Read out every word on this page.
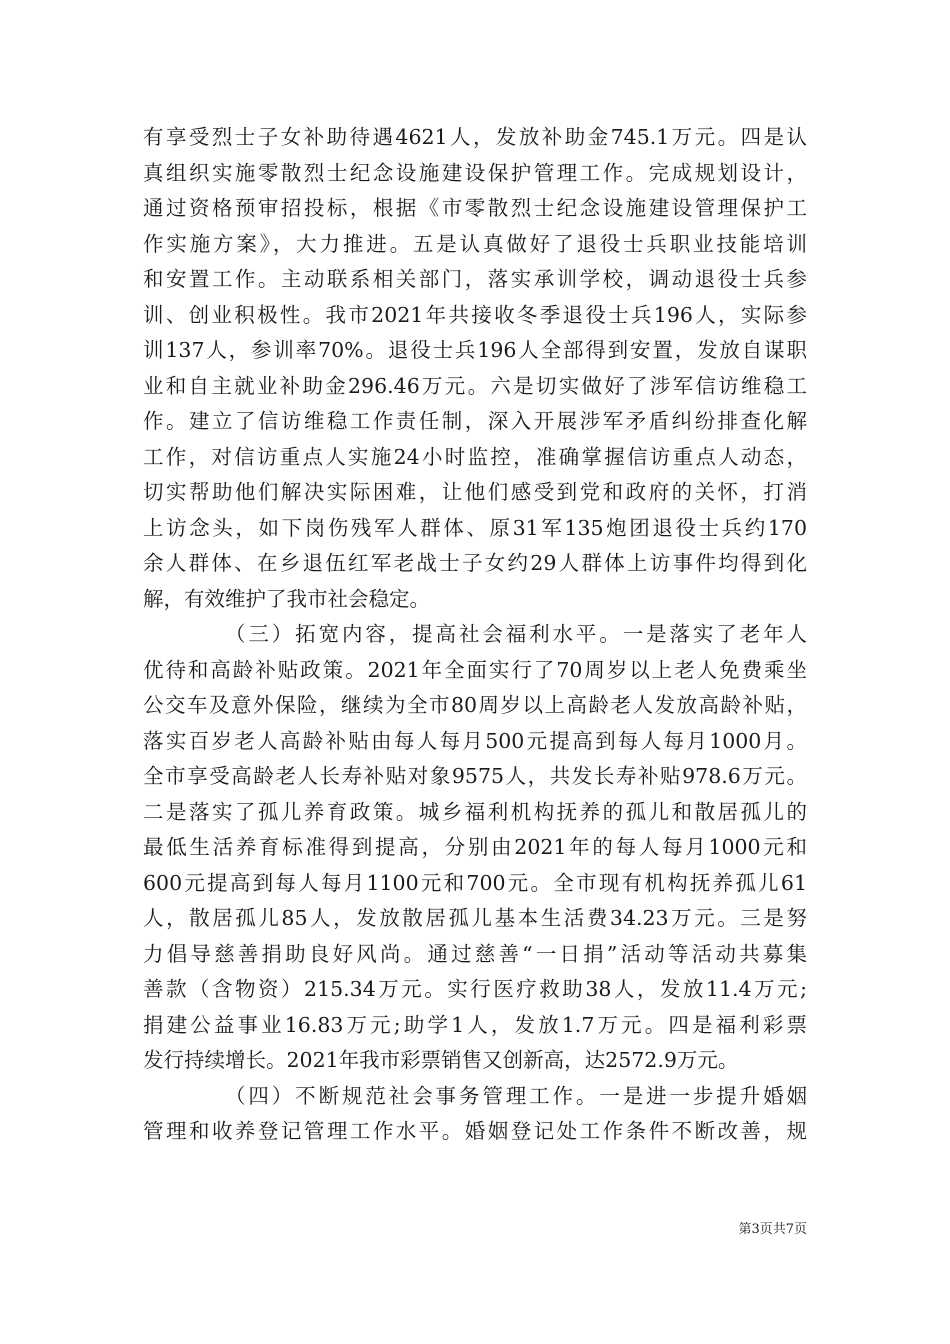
有享受烈士子女补助待遇4621人，发放补助金745.1万元。四是认
真组织实施零散烈士纪念设施建设保护管理工作。完成规划设计，
通过资格预审招投标，根据《市零散烈士纪念设施建设管理保护工
作实施方案》，大力推进。五是认真做好了退役士兵职业技能培训
和安置工作。主动联系相关部门，落实承训学校，调动退役士兵参
训、创业积极性。我市2021年共接收冬季退役士兵196人，实际参
训137人，参训率70%。退役士兵196人全部得到安置，发放自谋职
业和自主就业补助金296.46万元。六是切实做好了涉军信访维稳工
作。建立了信访维稳工作责任制，深入开展涉军矛盾纠纷排查化解
工作，对信访重点人实施24小时监控，准确掌握信访重点人动态，
切实帮助他们解决实际困难，让他们感受到党和政府的关怀，打消
上访念头，如下岗伤残军人群体、原31军135炮团退役士兵约170
余人群体、在乡退伍红军老战士子女约29人群体上访事件均得到化
解，有效维护了我市社会稳定。
（三）拓宽内容，提高社会福利水平。一是落实了老年人
优待和高龄补贴政策。2021年全面实行了70周岁以上老人免费乘坐
公交车及意外保险，继续为全市80周岁以上高龄老人发放高龄补贴，
落实百岁老人高龄补贴由每人每月500元提高到每人每月1000月。
全市享受高龄老人长寿补贴对象9575人，共发长寿补贴978.6万元。
二是落实了孤儿养育政策。城乡福利机构抚养的孤儿和散居孤儿的
最低生活养育标准得到提高，分别由2021年的每人每月1000元和
600元提高到每人每月1100元和700元。全市现有机构抚养孤儿61
人，散居孤儿85人，发放散居孤儿基本生活费34.23万元。三是努
力倡导慈善捐助良好风尚。通过慈善“一日捐”活动等活动共募集
善款（含物资）215.34万元。实行医疗救助38人，发放11.4万元;
捐建公益事业16.83万元;助学1人，发放1.7万元。四是福利彩票
发行持续增长。2021年我市彩票销售又创新高，达2572.9万元。
（四）不断规范社会事务管理工作。一是进一步提升婚姻
管理和收养登记管理工作水平。婚姻登记处工作条件不断改善，规
第3页共7页
